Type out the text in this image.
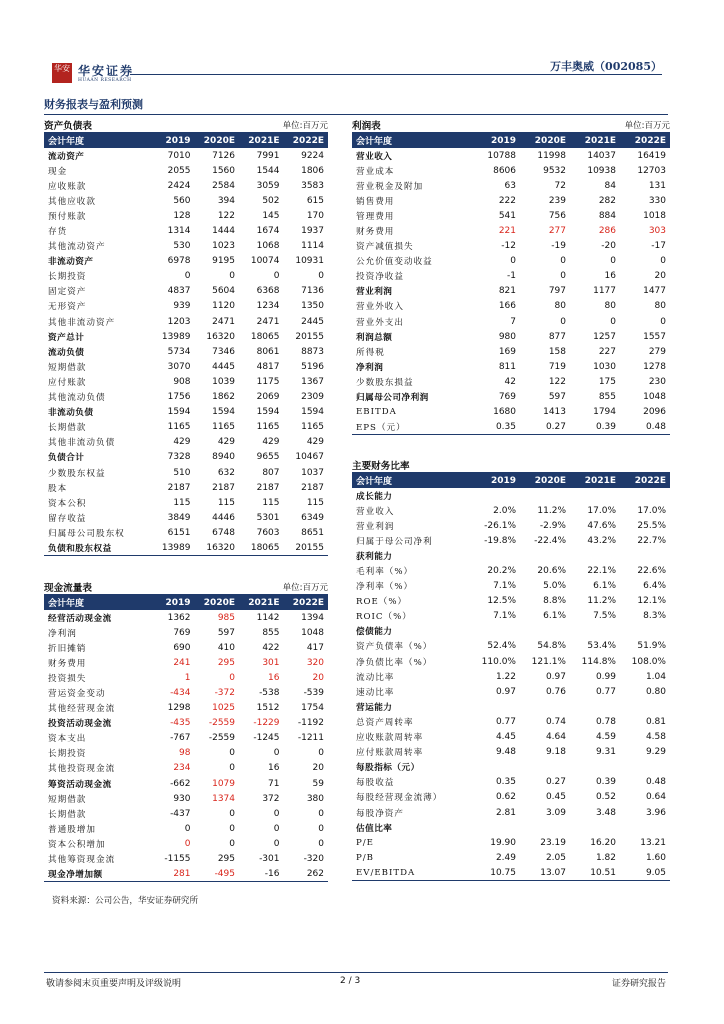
华安 华安证券
HUAAN RESEARCH
万丰奥威（002085）
财务报表与盈利预测
资产负债表	单位:百万元
会计年度	2019	2020E	2021E	2022E
流动资产	7010	7126	7991	9224
现金	2055	1560	1544	1806
应收账款	2424	2584	3059	3583
其他应收款	560	394	502	615
预付账款	128	122	145	170
存货	1314	1444	1674	1937
其他流动资产	530	1023	1068	1114
非流动资产	6978	9195	10074	10931
长期投资	0	0	0	0
固定资产	4837	5604	6368	7136
无形资产	939	1120	1234	1350
其他非流动资产	1203	2471	2471	2445
资产总计	13989	16320	18065	20155
流动负债	5734	7346	8061	8873
短期借款	3070	4445	4817	5196
应付账款	908	1039	1175	1367
其他流动负债	1756	1862	2069	2309
非流动负债	1594	1594	1594	1594
长期借款	1165	1165	1165	1165
其他非流动负债	429	429	429	429
负债合计	7328	8940	9655	10467
少数股东权益	510	632	807	1037
股本	2187	2187	2187	2187
资本公积	115	115	115	115
留存收益	3849	4446	5301	6349
归属母公司股东权	6151	6748	7603	8651
负债和股东权益	13989	16320	18065	20155
现金流量表	单位:百万元
会计年度	2019	2020E	2021E	2022E
经营活动现金流	1362	985	1142	1394
净利润	769	597	855	1048
折旧摊销	690	410	422	417
财务费用	241	295	301	320
投资损失	1	0	16	20
营运资金变动	-434	-372	-538	-539
其他经营现金流	1298	1025	1512	1754
投资活动现金流	-435	-2559	-1229	-1192
资本支出	-767	-2559	-1245	-1211
长期投资	98	0	0	0
其他投资现金流	234	0	16	20
筹资活动现金流	-662	1079	71	59
短期借款	930	1374	372	380
长期借款	-437	0	0	0
普通股增加	0	0	0	0
资本公积增加	0	0	0	0
其他筹资现金流	-1155	295	-301	-320
现金净增加额	281	-495	-16	262
利润表	单位:百万元
会计年度	2019	2020E	2021E	2022E
营业收入	10788	11998	14037	16419
营业成本	8606	9532	10938	12703
营业税金及附加	63	72	84	131
销售费用	222	239	282	330
管理费用	541	756	884	1018
财务费用	221	277	286	303
资产减值损失	-12	-19	-20	-17
公允价值变动收益	0	0	0	0
投资净收益	-1	0	16	20
营业利润	821	797	1177	1477
营业外收入	166	80	80	80
营业外支出	7	0	0	0
利润总额	980	877	1257	1557
所得税	169	158	227	279
净利润	811	719	1030	1278
少数股东损益	42	122	175	230
归属母公司净利润	769	597	855	1048
EBITDA	1680	1413	1794	2096
EPS（元）	0.35	0.27	0.39	0.48
主要财务比率
会计年度	2019	2020E	2021E	2022E
成长能力				
营业收入	2.0%	11.2%	17.0%	17.0%
营业利润	-26.1%	-2.9%	47.6%	25.5%
归属于母公司净利	-19.8%	-22.4%	43.2%	22.7%
获利能力				
毛利率（%）	20.2%	20.6%	22.1%	22.6%
净利率（%）	7.1%	5.0%	6.1%	6.4%
ROE（%）	12.5%	8.8%	11.2%	12.1%
ROIC（%）	7.1%	6.1%	7.5%	8.3%
偿债能力				
资产负债率（%）	52.4%	54.8%	53.4%	51.9%
净负债比率（%）	110.0%	121.1%	114.8%	108.0%
流动比率	1.22	0.97	0.99	1.04
速动比率	0.97	0.76	0.77	0.80
营运能力				
总资产周转率	0.77	0.74	0.78	0.81
应收账款周转率	4.45	4.64	4.59	4.58
应付账款周转率	9.48	9.18	9.31	9.29
每股指标（元）				
每股收益	0.35	0.27	0.39	0.48
每股经营现金流薄）	0.62	0.45	0.52	0.64
每股净资产	2.81	3.09	3.48	3.96
估值比率				
P/E	19.90	23.19	16.20	13.21
P/B	2.49	2.05	1.82	1.60
EV/EBITDA	10.75	13.07	10.51	9.05
资料来源：公司公告，华安证券研究所
敬请参阅末页重要声明及评级说明	2 / 3	证券研究报告
